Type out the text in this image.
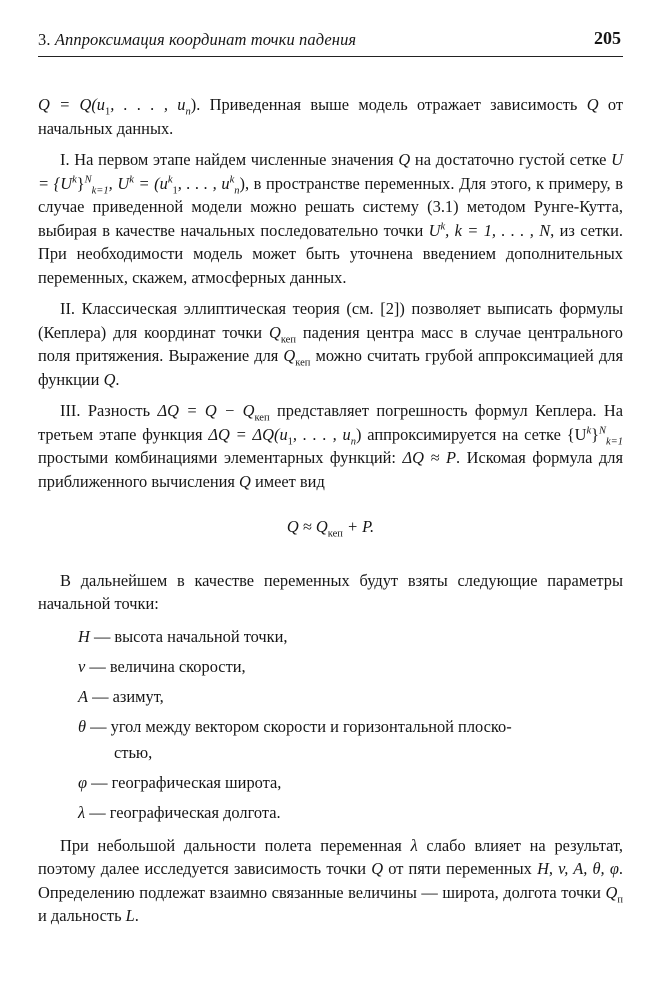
3. Аппроксимация координат точки падения	205

$Q = Q(u_1$, . . . , $u_n$). Приведенная выше модель отражает зависимость Q от начальных данных.

I. На первом этапе найдем численные значения Q на достаточно густой сетке $U = \{U^k\}^N_{k=1}$, $U^k = (u^k_1$, . . . , $u^k_n$), в пространстве переменных. Для этого, к примеру, в случае приведенной модели можно решать систему (3.1) методом Рунге-Кутта, выбирая в качестве начальных последовательно точки $U^k$, k = 1, . . . , N, из сетки. При необходимости модель может быть уточнена введением дополнительных переменных, скажем, атмосферных данных.

II. Классическая эллиптическая теория (см. [2]) позволяет выписать формулы (Кеплера) для координат точки $Q_{кеп}$ падения центра масс в случае центрального поля притяжения. Выражение для $Q_{кеп}$ можно считать грубой аппроксимацией для функции Q.

III. Разность $\Delta Q = Q - Q_{кеп}$ представляет погрешность формул Кеплера. На третьем этапе функция $\Delta Q = \Delta Q(u_1$, . . . , $u_n$) аппроксимируется на сетке $\{U^k\}^N_{k=1}$ простыми комбинациями элементарных функций: ΔQ ≈ P. Искомая формула для приближенного вычисления Q имеет вид

$Q \approx Q_{кеп} + P$.

В дальнейшем в качестве переменных будут взяты следующие параметры начальной точки:

H — высота начальной точки,
v — величина скорости,
A — азимут,
θ — угол между вектором скорости и горизонтальной плоско-
стью,
φ — географическая широта,
λ — географическая долгота.

При небольшой дальности полета переменная λ слабо влияет на результат, поэтому далее исследуется зависимость точки Q от пяти переменных H, v, A, θ, φ. Определению подлежат взаимно связанные величины — широта, долгота точки $Q_п$ и дальность L.
